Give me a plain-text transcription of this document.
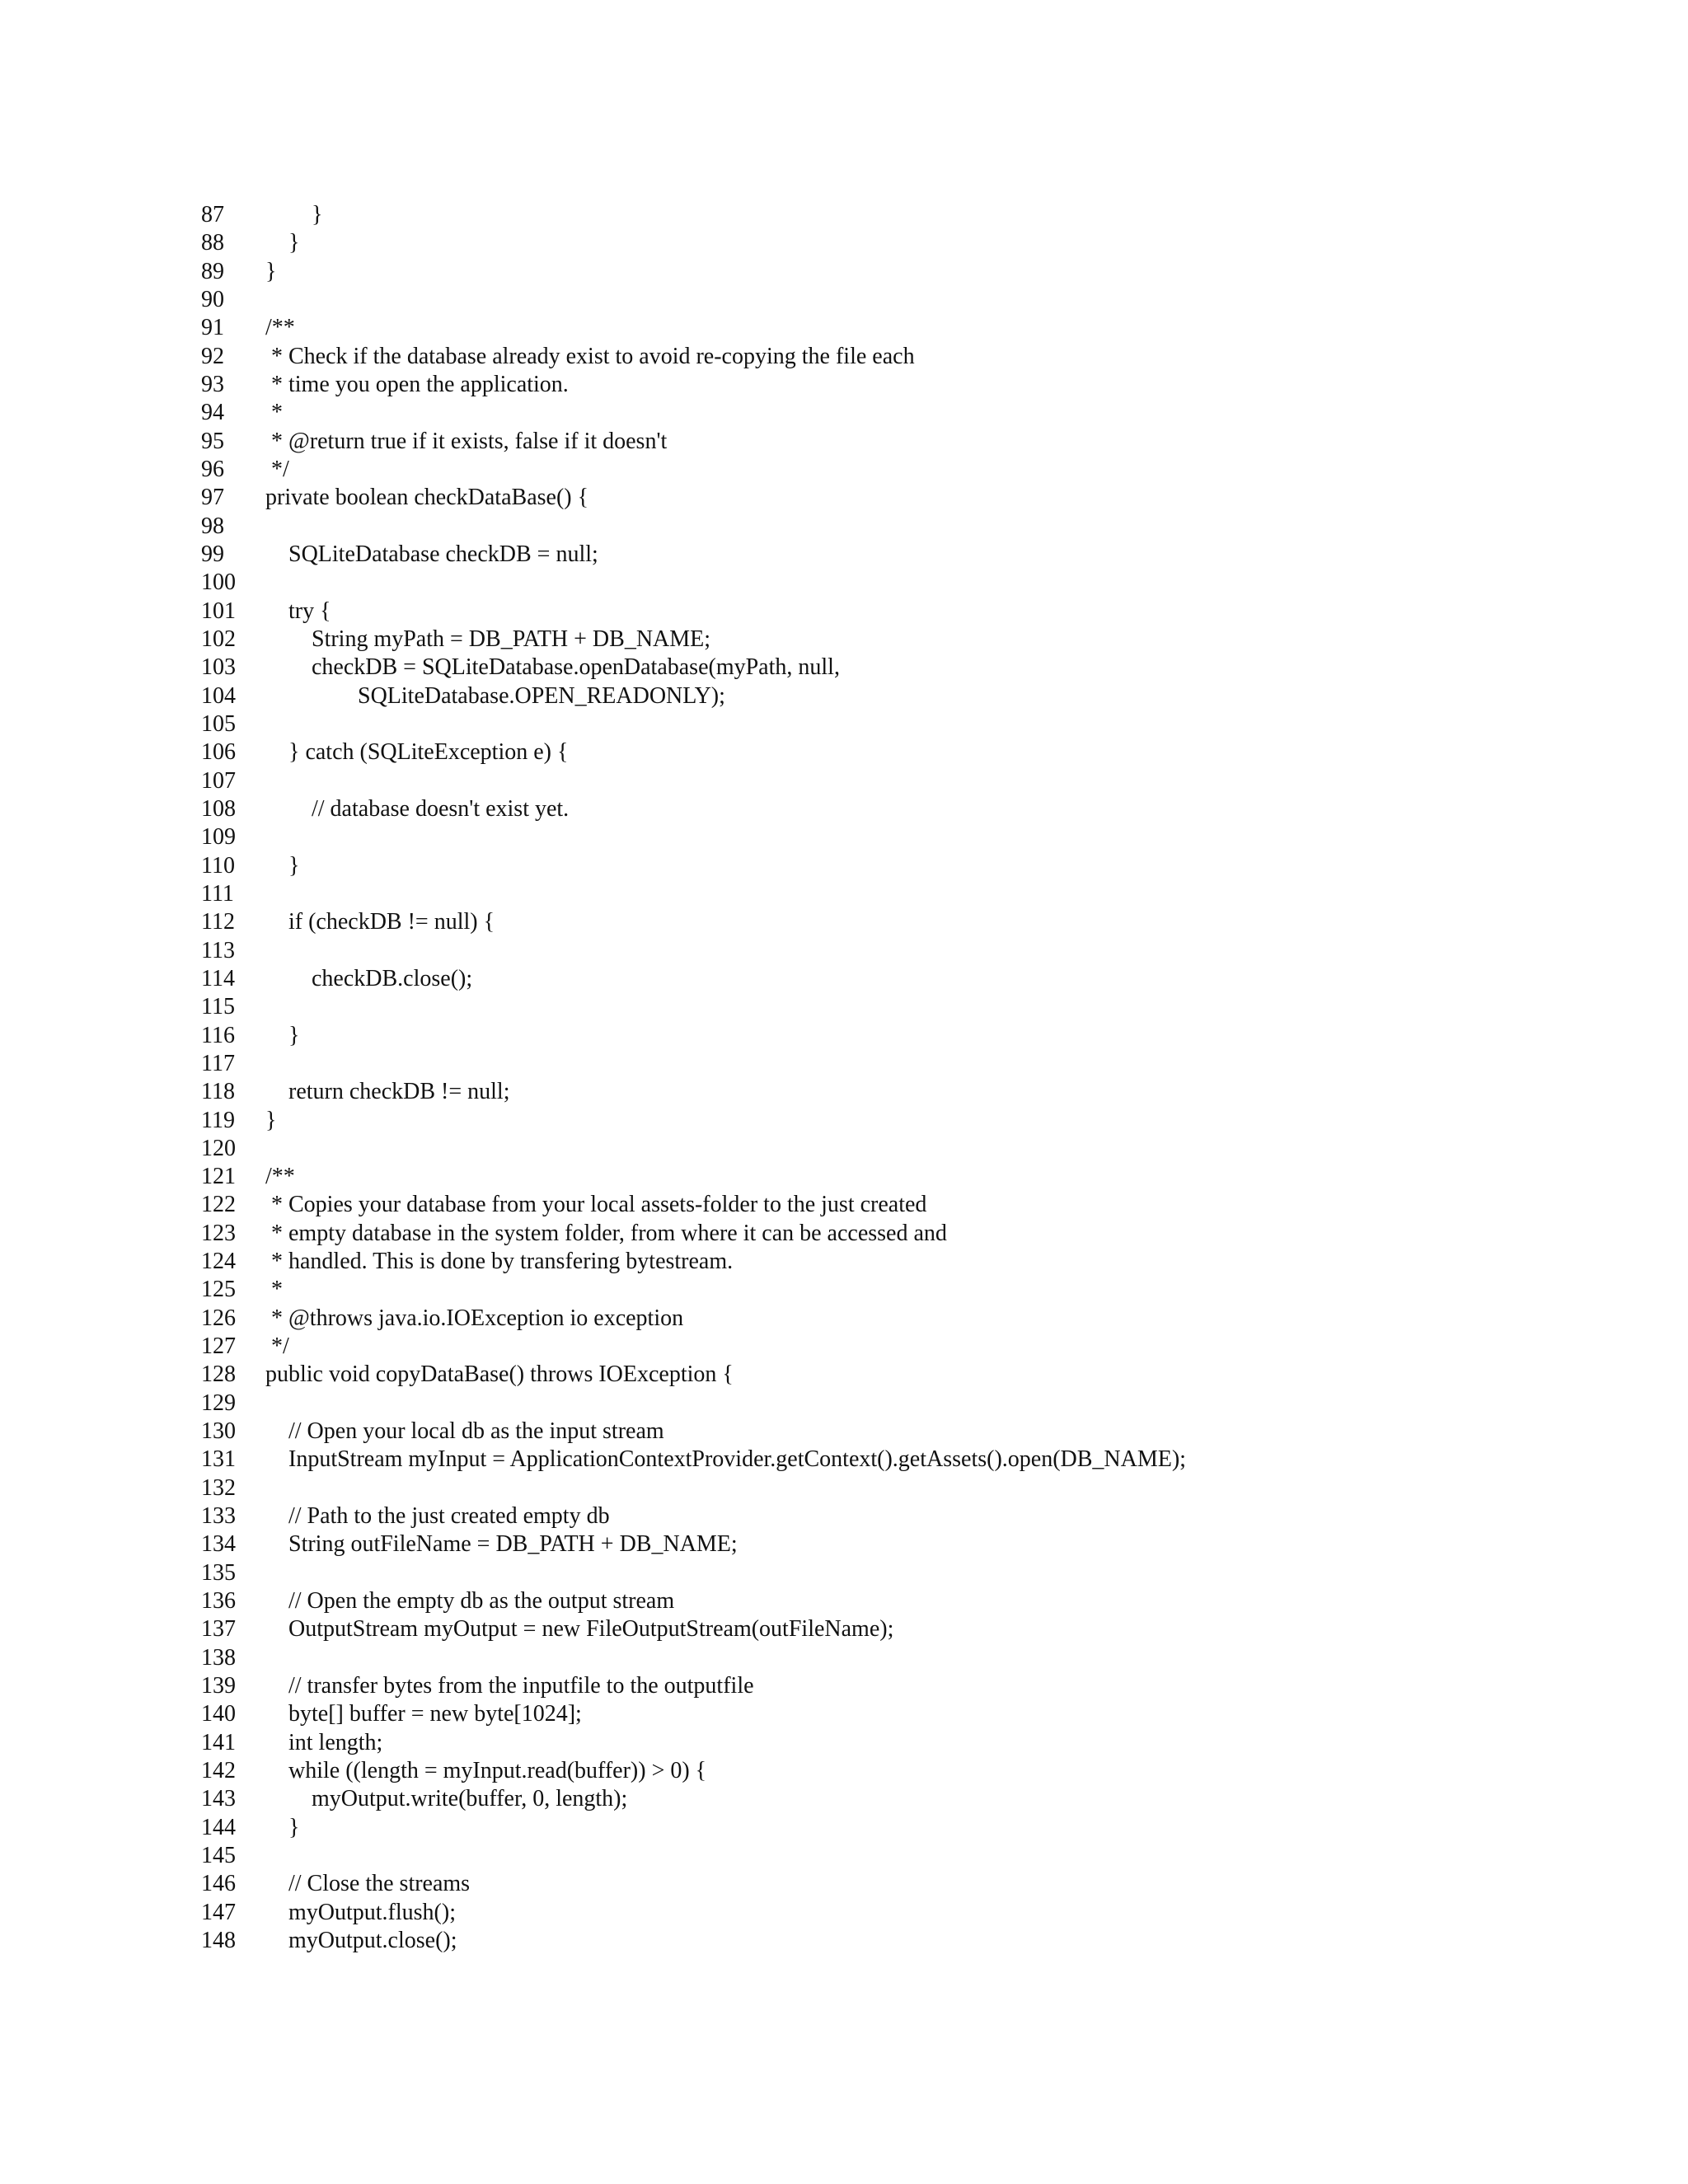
87 }
88 }
89 }
90
91 /**
92 * Check if the database already exist to avoid re-copying the file each
93 * time you open the application.
94 *
95 * @return true if it exists, false if it doesn't
96 */
97 private boolean checkDataBase() {
98
99 SQLiteDatabase checkDB = null;
100
101 try {
102 String myPath = DB_PATH + DB_NAME;
103 checkDB = SQLiteDatabase.openDatabase(myPath, null,
104 SQLiteDatabase.OPEN_READONLY);
105
106 } catch (SQLiteException e) {
107
108 // database doesn't exist yet.
109
110 }
111
112 if (checkDB != null) {
113
114 checkDB.close();
115
116 }
117
118 return checkDB != null;
119 }
120
121 /**
122 * Copies your database from your local assets-folder to the just created
123 * empty database in the system folder, from where it can be accessed and
124 * handled. This is done by transfering bytestream.
125 *
126 * @throws java.io.IOException io exception
127 */
128 public void copyDataBase() throws IOException {
129
130 // Open your local db as the input stream
131 InputStream myInput = ApplicationContextProvider.getContext().getAssets().open(DB_NAME);
132
133 // Path to the just created empty db
134 String outFileName = DB_PATH + DB_NAME;
135
136 // Open the empty db as the output stream
137 OutputStream myOutput = new FileOutputStream(outFileName);
138
139 // transfer bytes from the inputfile to the outputfile
140 byte[] buffer = new byte[1024];
141 int length;
142 while ((length = myInput.read(buffer)) > 0) {
143 myOutput.write(buffer, 0, length);
144 }
145
146 // Close the streams
147 myOutput.flush();
148 myOutput.close();
